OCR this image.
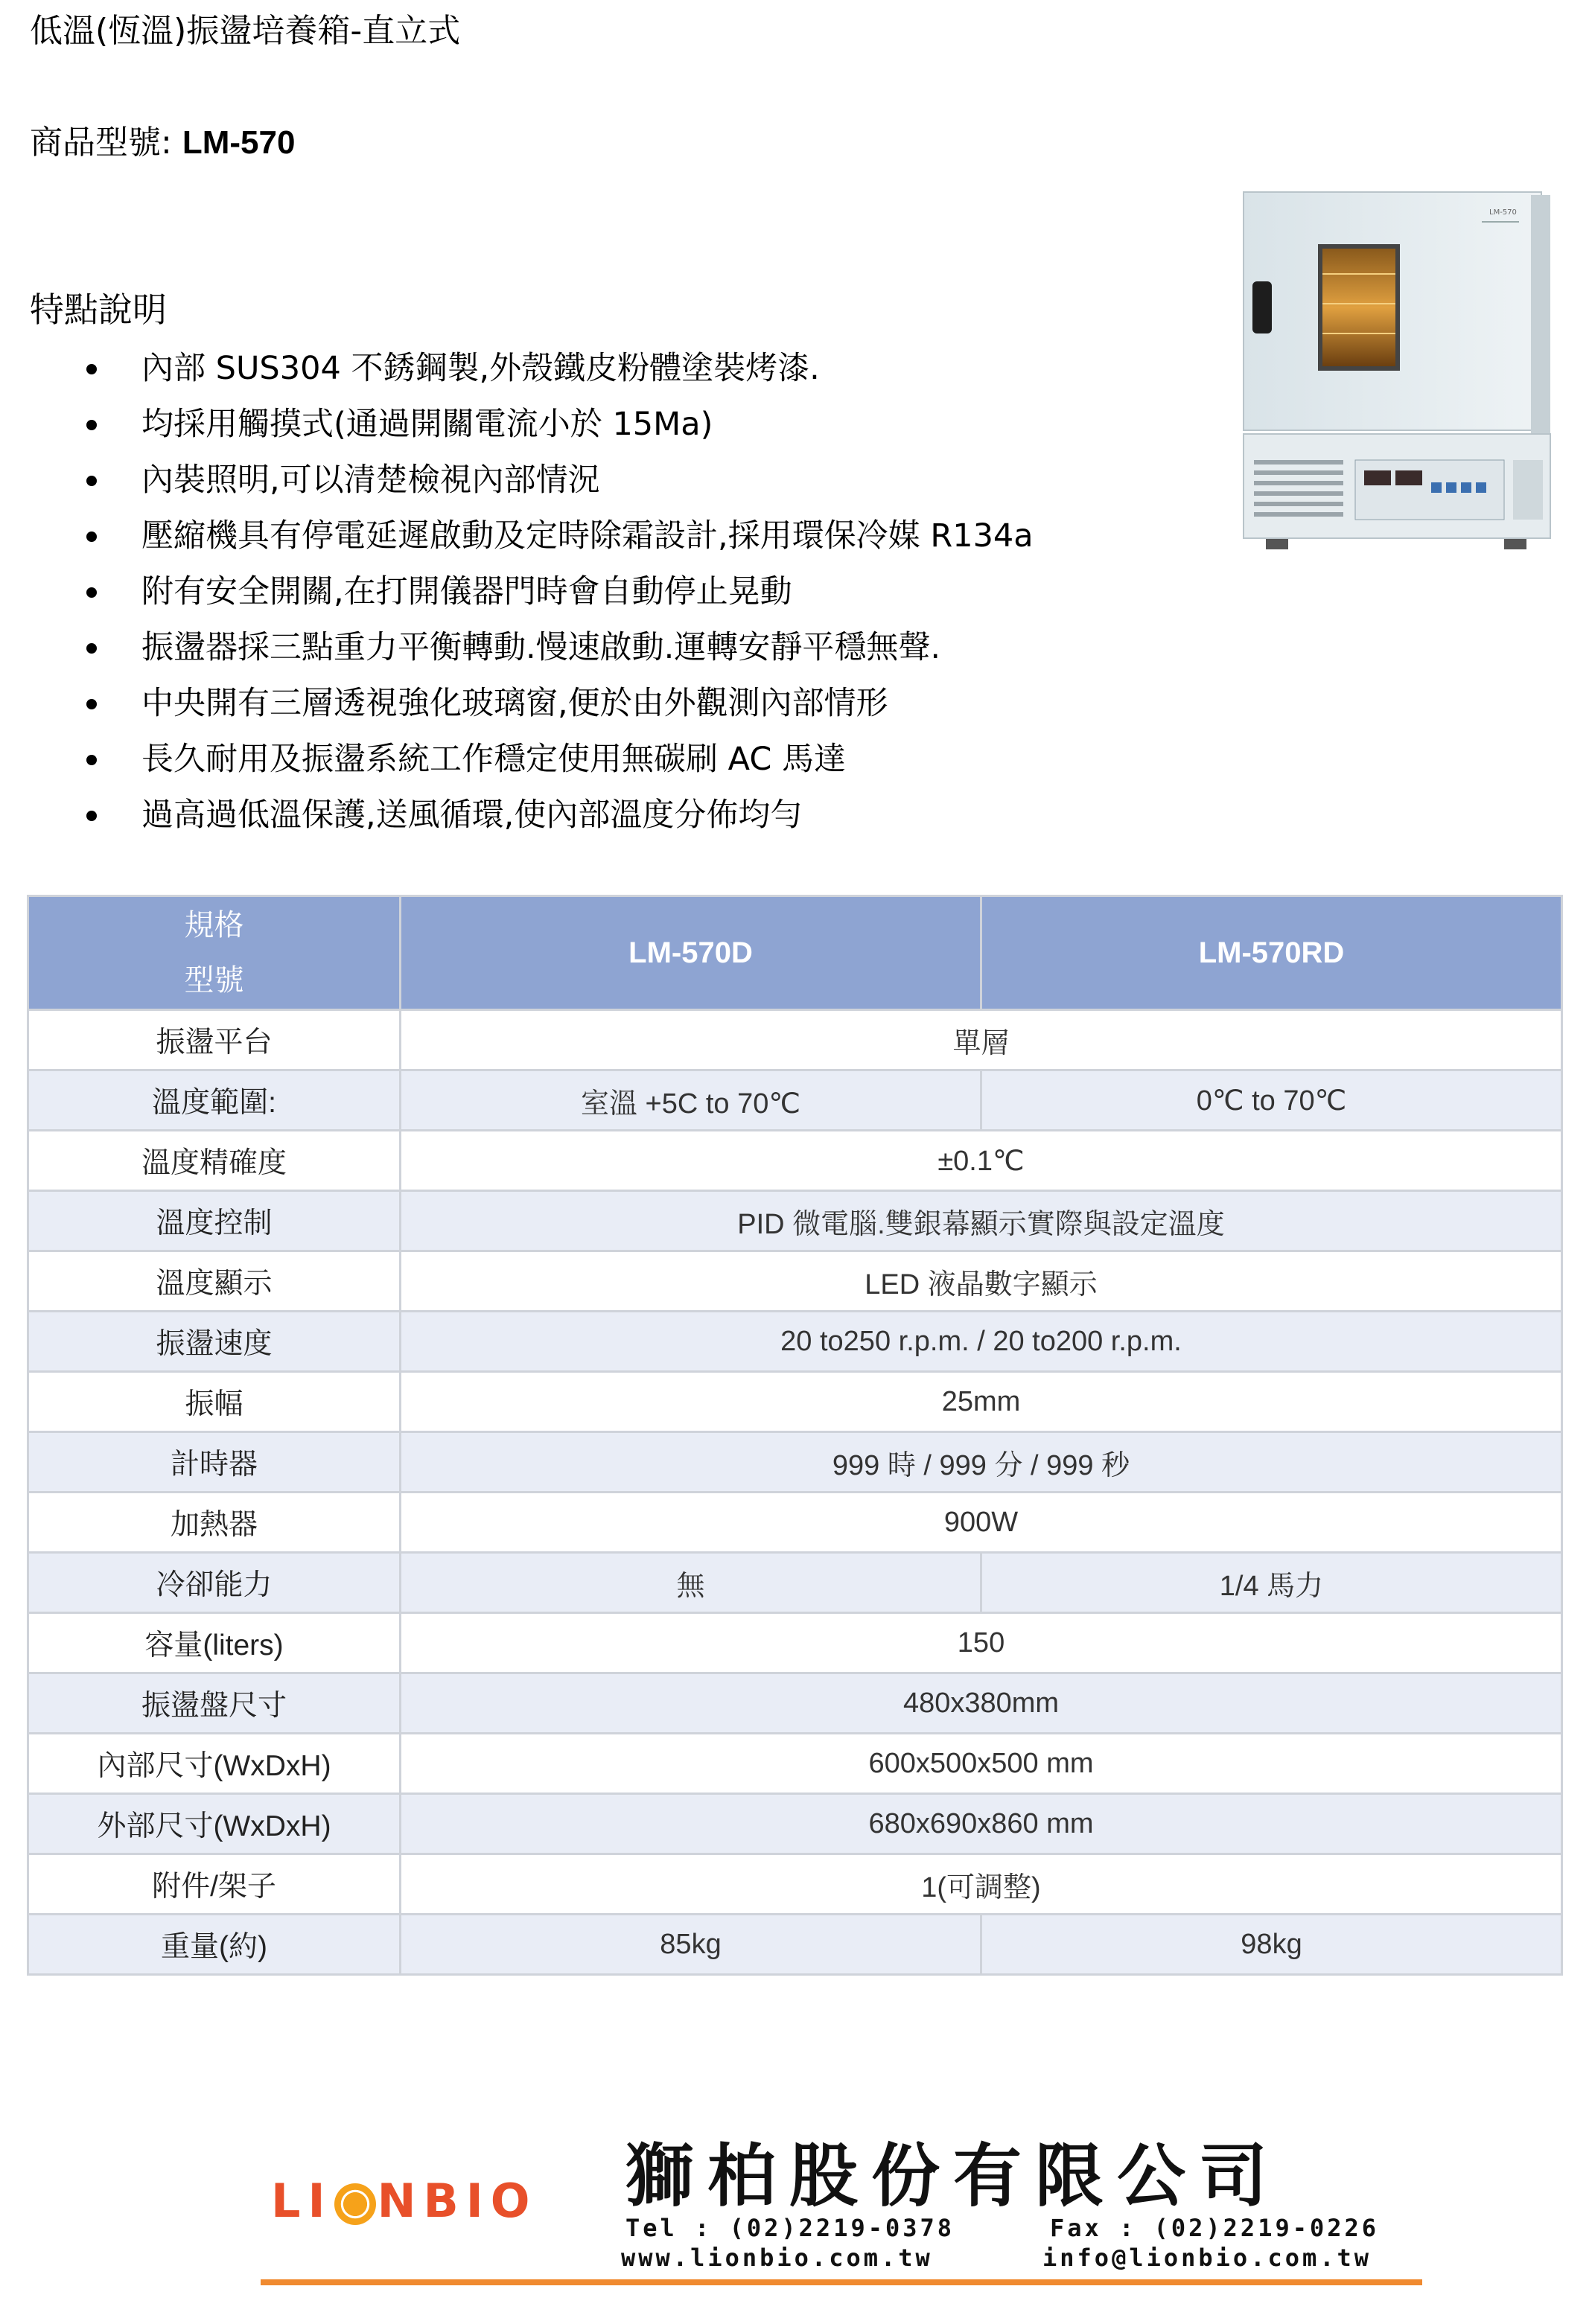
低溫(恆溫)振盪培養箱-直立式
商品型號: LM-570
特點說明
內部 SUS304 不銹鋼製,外殼鐵皮粉體塗裝烤漆.
均採用觸摸式(通過開關電流小於 15Ma)
內裝照明,可以清楚檢視內部情況
壓縮機具有停電延遲啟動及定時除霜設計,採用環保冷媒 R134a
附有安全開關,在打開儀器門時會自動停止晃動
振盪器採三點重力平衡轉動.慢速啟動.運轉安靜平穩無聲.
中央開有三層透視強化玻璃窗,便於由外觀測內部情形
長久耐用及振盪系統工作穩定使用無碳刷 AC 馬達
過高過低溫保護,送風循環,使內部溫度分佈均勻
LM-570
規格
型號	LM-570D	LM-570RD
振盪平台	單層	
溫度範圍:	室溫 +5C to 70℃	0℃ to 70℃
溫度精確度	±0.1℃	
溫度控制	PID 微電腦.雙銀幕顯示實際與設定溫度	
溫度顯示	LED 液晶數字顯示	
振盪速度	20 to250 r.p.m. / 20 to200 r.p.m.	
振幅	25mm	
計時器	999 時 / 999 分 / 999 秒	
加熱器	900W	
冷卻能力	無	1/4 馬力
容量(liters)	150	
振盪盤尺寸	480x380mm	
內部尺寸(WxDxH)	600x500x500 mm	
外部尺寸(WxDxH)	680x690x860 mm	
附件/架子	1(可調整)	
重量(約)	85kg	98kg
LI NBIO 獅柏股份有限公司
Tel : (02)2219-0378	Fax : (02)2219-0226
www.lionbio.com.tw	info@lionbio.com.tw
